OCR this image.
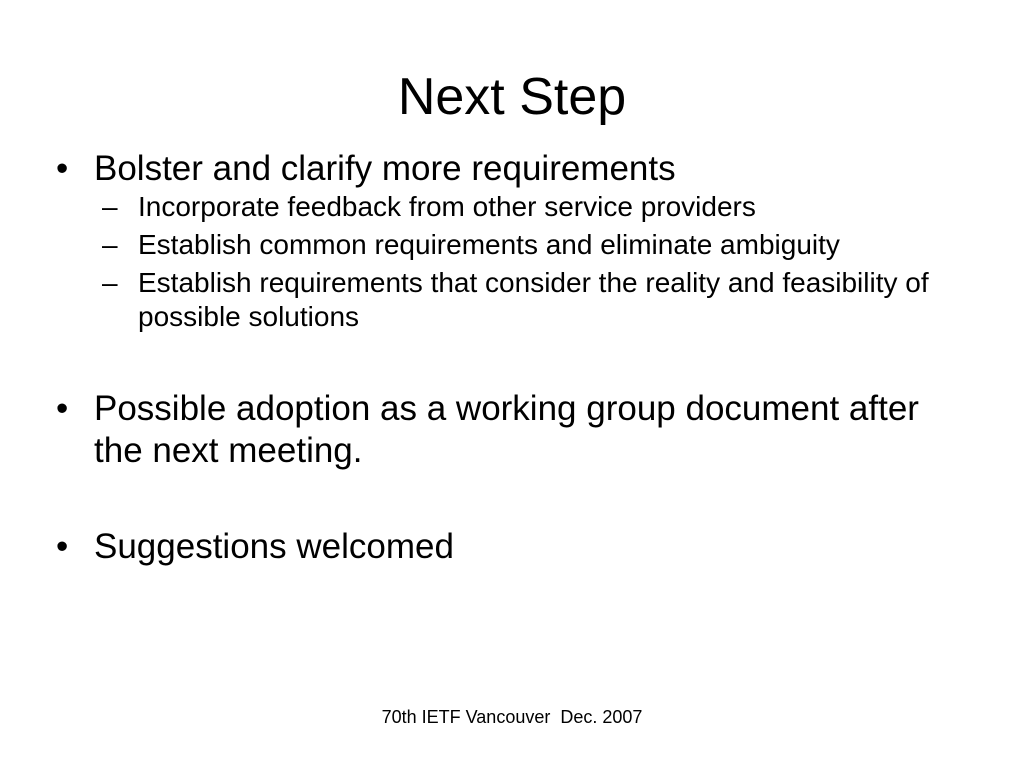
Next Step
• Bolster and clarify more requirements
– Incorporate feedback from other service providers
– Establish common requirements and eliminate ambiguity
– Establish requirements that consider the reality and feasibility of possible solutions
• Possible adoption as a working group document after the next meeting.
• Suggestions welcomed
70th IETF Vancouver  Dec. 2007
